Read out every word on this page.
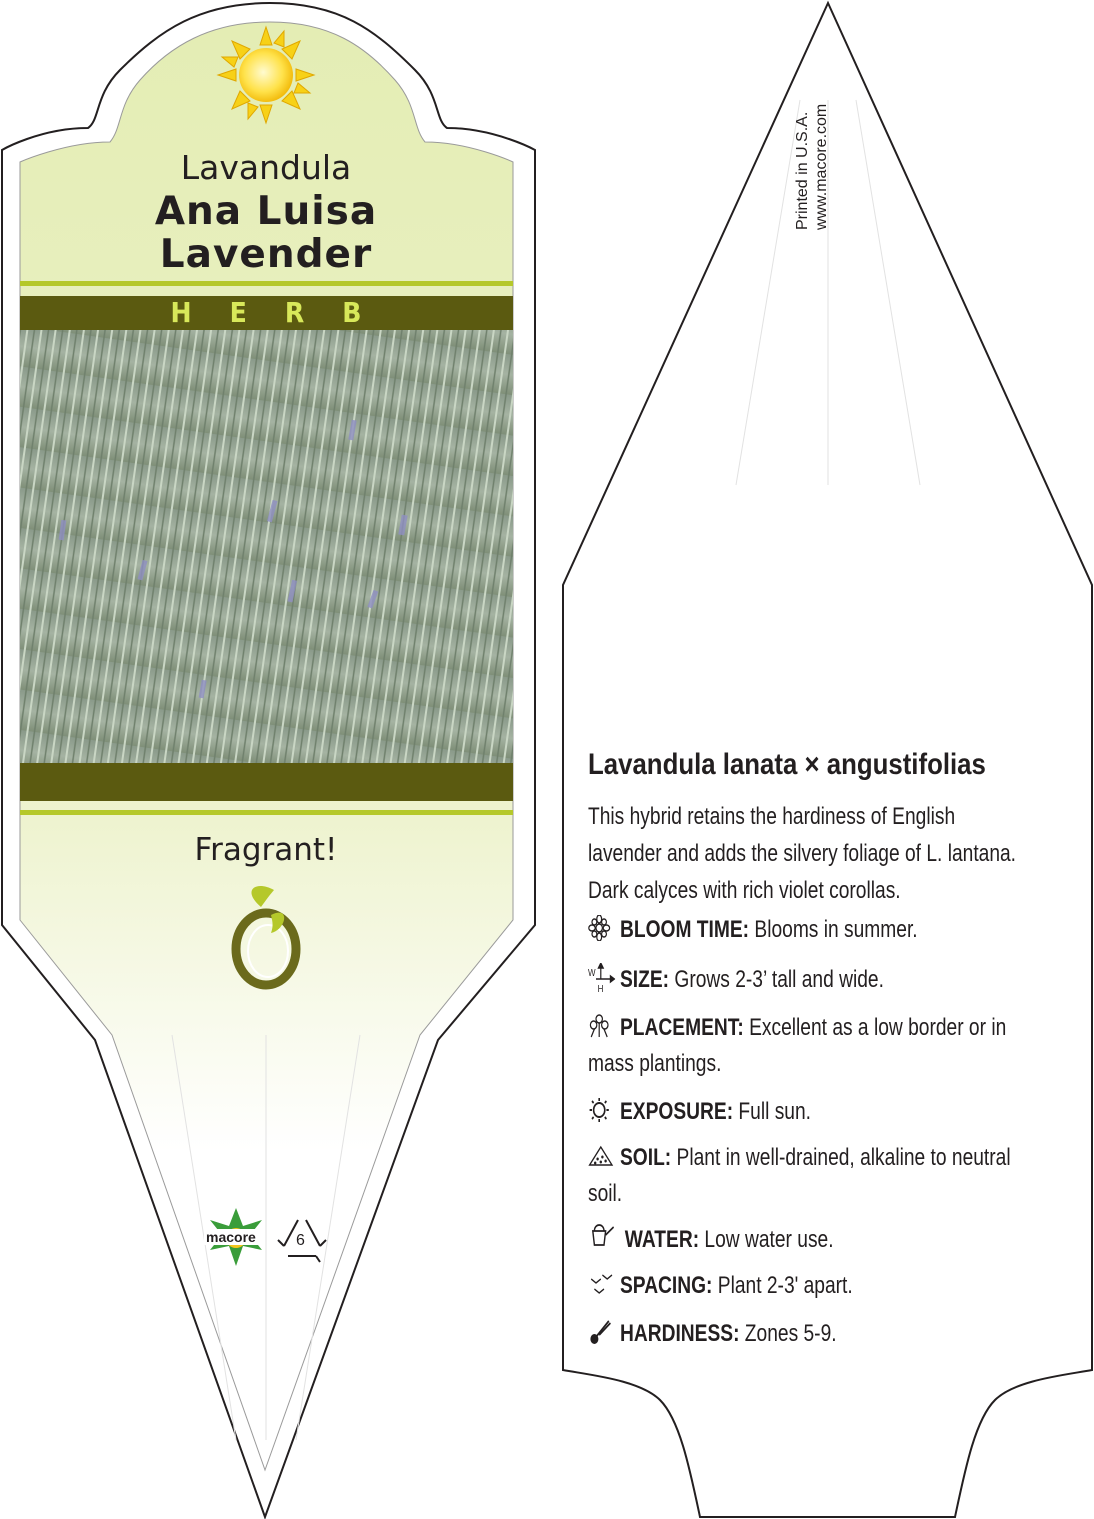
Lavandula
Ana Luisa
Lavender
HERB
Fragrant!
macore	6
Printed in U.S.A. www.macore.com
Lavandula lanata × angustifolias
This hybrid retains the hardiness of English
lavender and adds the silvery foliage of L. lantana.
Dark calyces with rich violet corollas.
BLOOM TIME: Blooms in summer.
W
H SIZE: Grows 2-3’ tall and wide.
PLACEMENT: Excellent as a low border or in
mass plantings.
EXPOSURE: Full sun.
SOIL: Plant in well-drained, alkaline to neutral
soil.
WATER: Low water use.
SPACING: Plant 2-3' apart.
HARDINESS: Zones 5-9.
